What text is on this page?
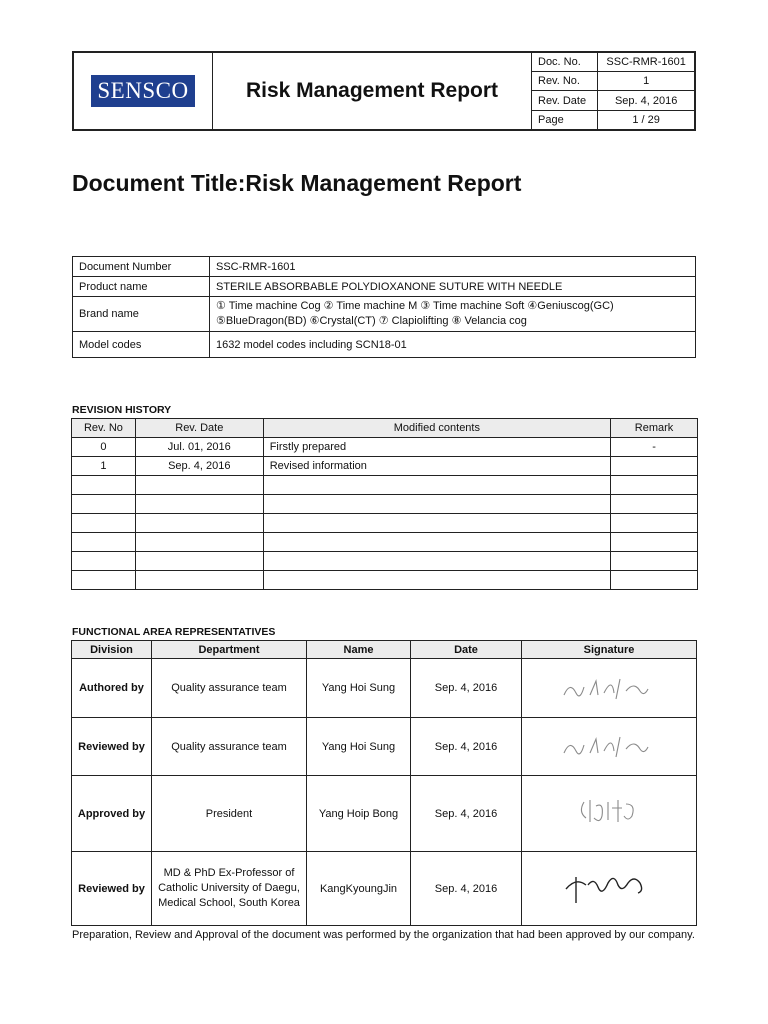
SENSCO	Risk Management Report
Doc. No.	SSC-RMR-1601
Rev. No.	1
Rev. Date	Sep. 4, 2016
Page	1 / 29
Document Title:Risk Management Report
Document Number	SSC-RMR-1601
Product name	STERILE ABSORBABLE POLYDIOXANONE SUTURE WITH NEEDLE
Brand name	① Time machine Cog ② Time machine M ③ Time machine Soft ④Geniuscog(GC)
⑤BlueDragon(BD) ⑥Crystal(CT) ⑦ Clapiolifting ⑧ Velancia cog

Model codes	1632 model codes including SCN18-01
REVISION HISTORY
Rev. No	Rev. Date	Modified contents	Remark
0	Jul. 01, 2016	Firstly prepared	-
1	Sep. 4, 2016	Revised information	

FUNCTIONAL AREA REPRESENTATIVES
Division	Department	Name	Date	Signature
Authored by	Quality assurance team	Yang Hoi Sung	Sep. 4, 2016	
Reviewed by	Quality assurance team	Yang Hoi Sung	Sep. 4, 2016	
Approved by	President	Yang Hoip Bong	Sep. 4, 2016	
Reviewed by	MD & PhD Ex-Professor of Catholic University of Daegu, Medical School, South Korea	KangKyoungJin	Sep. 4, 2016	
Preparation, Review and Approval of the document was performed by the organization that had been approved by our company.
